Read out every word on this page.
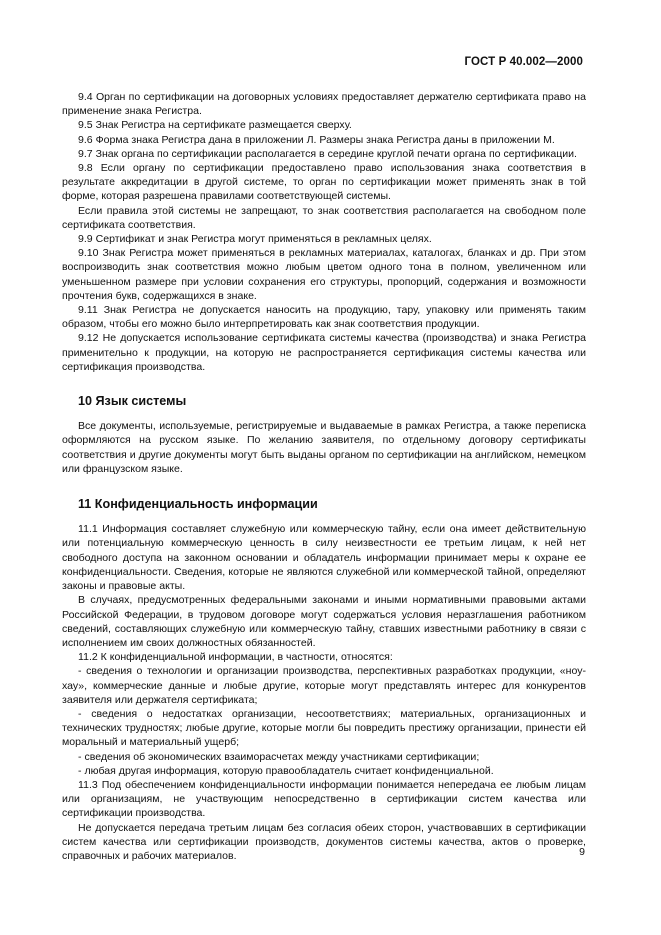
ГОСТ Р 40.002—2000

9.4 Орган по сертификации на договорных условиях предоставляет держателю сертификата право на применение знака Регистра.

9.5 Знак Регистра на сертификате размещается сверху.

9.6 Форма знака Регистра дана в приложении Л. Размеры знака Регистра даны в приложении М.

9.7 Знак органа по сертификации располагается в середине круглой печати органа по сертификации.

9.8 Если органу по сертификации предоставлено право использования знака соответствия в результате аккредитации в другой системе, то орган по сертификации может применять знак в той форме, которая разрешена правилами соответствующей системы.

Если правила этой системы не запрещают, то знак соответствия располагается на свободном поле сертификата соответствия.

9.9 Сертификат и знак Регистра могут применяться в рекламных целях.

9.10 Знак Регистра может применяться в рекламных материалах, каталогах, бланках и др. При этом воспроизводить знак соответствия можно любым цветом одного тона в полном, увеличенном или уменьшенном размере при условии сохранения его структуры, пропорций, содержания и возможности прочтения букв, содержащихся в знаке.

9.11 Знак Регистра не допускается наносить на продукцию, тару, упаковку или применять таким образом, чтобы его можно было интерпретировать как знак соответствия продукции.

9.12 Не допускается использование сертификата системы качества (производства) и знака Регистра применительно к продукции, на которую не распространяется сертификация системы качества или сертификация производства.

10 Язык системы

Все документы, используемые, регистрируемые и выдаваемые в рамках Регистра, а также переписка оформляются на русском языке. По желанию заявителя, по отдельному договору сертификаты соответствия и другие документы могут быть выданы органом по сертификации на английском, немецком или французском языке.

11 Конфиденциальность информации

11.1 Информация составляет служебную или коммерческую тайну, если она имеет действительную или потенциальную коммерческую ценность в силу неизвестности ее третьим лицам, к ней нет свободного доступа на законном основании и обладатель информации принимает меры к охране ее конфиденциальности. Сведения, которые не являются служебной или коммерческой тайной, определяют законы и правовые акты.

В случаях, предусмотренных федеральными законами и иными нормативными правовыми актами Российской Федерации, в трудовом договоре могут содержаться условия неразглашения работником сведений, составляющих служебную или коммерческую тайну, ставших известными работнику в связи с исполнением им своих должностных обязанностей.

11.2 К конфиденциальной информации, в частности, относятся:

- сведения о технологии и организации производства, перспективных разработках продукции, «ноу-хау», коммерческие данные и любые другие, которые могут представлять интерес для конкурентов заявителя или держателя сертификата;

- сведения о недостатках организации, несоответствиях; материальных, организационных и технических трудностях; любые другие, которые могли бы повредить престижу организации, принести ей моральный и материальный ущерб;

- сведения об экономических взаиморасчетах между участниками сертификации;

- любая другая информация, которую правообладатель считает конфиденциальной.

11.3 Под обеспечением конфиденциальности информации понимается непередача ее любым лицам или организациям, не участвующим непосредственно в сертификации систем качества или сертификации производства.

Не допускается передача третьим лицам без согласия обеих сторон, участвовавших в сертификации систем качества или сертификации производств, документов системы качества, актов о проверке, справочных и рабочих материалов.	9
